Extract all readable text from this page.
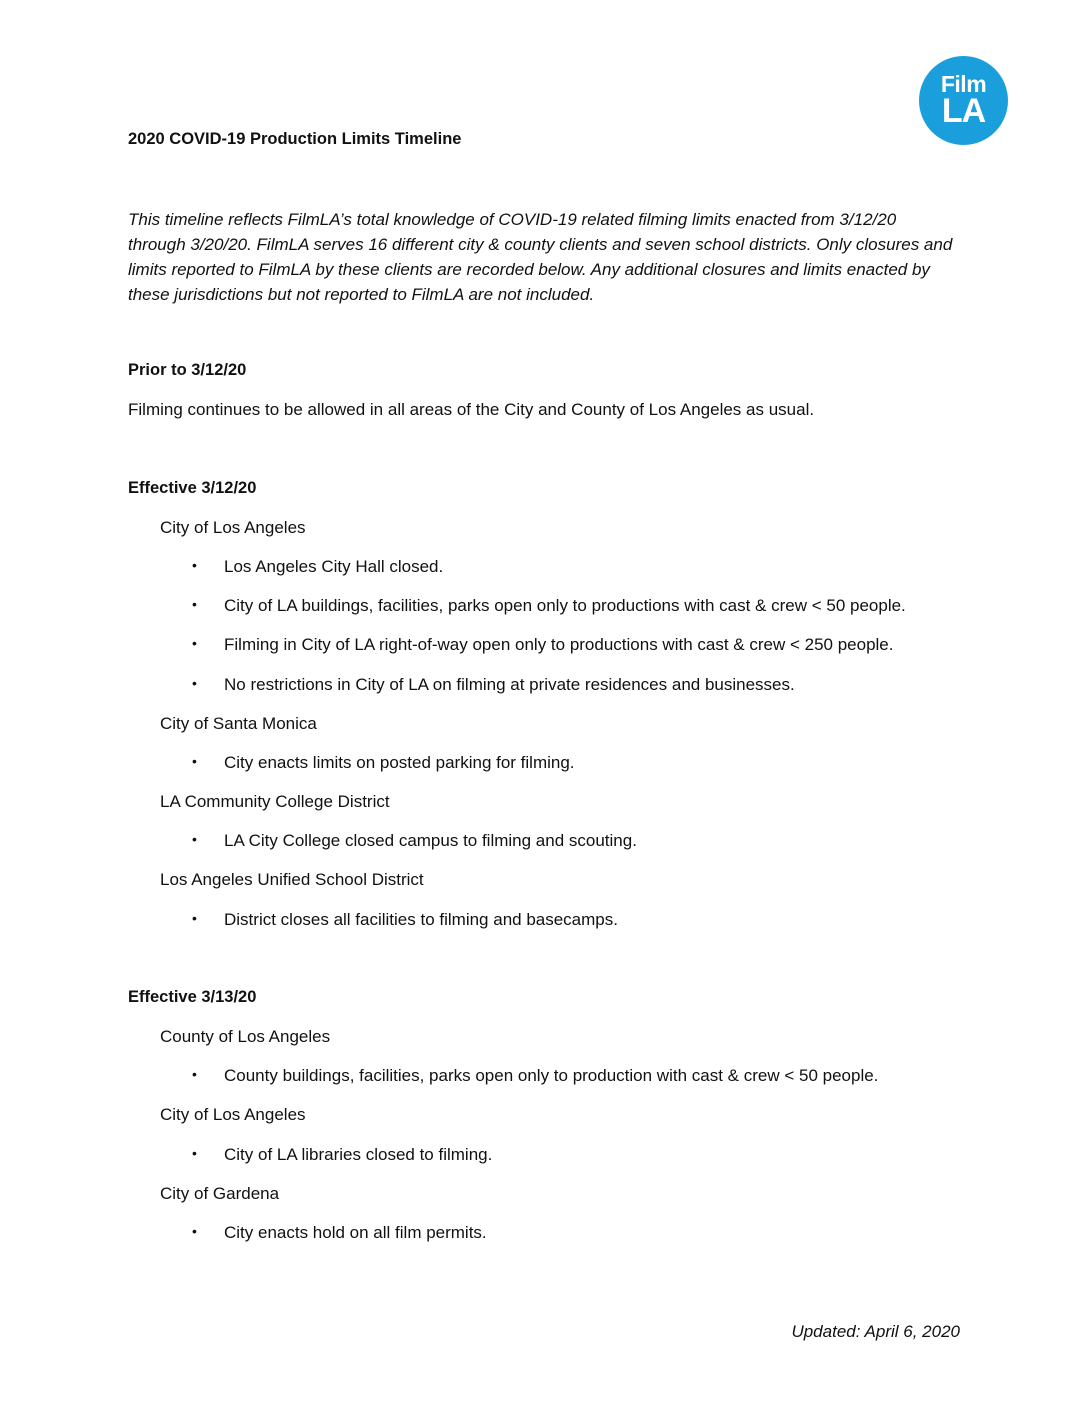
Film
LA
2020 COVID-19 Production Limits Timeline
This timeline reflects FilmLA’s total knowledge of COVID-19 related filming limits enacted from 3/12/20 through 3/20/20. FilmLA serves 16 different city & county clients and seven school districts. Only closures and limits reported to FilmLA by these clients are recorded below. Any additional closures and limits enacted by these jurisdictions but not reported to FilmLA are not included.
Prior to 3/12/20
Filming continues to be allowed in all areas of the City and County of Los Angeles as usual.
Effective 3/12/20
City of Los Angeles
• Los Angeles City Hall closed.
• City of LA buildings, facilities, parks open only to productions with cast & crew < 50 people.
• Filming in City of LA right-of-way open only to productions with cast & crew < 250 people.
• No restrictions in City of LA on filming at private residences and businesses.
City of Santa Monica
• City enacts limits on posted parking for filming.
LA Community College District
• LA City College closed campus to filming and scouting.
Los Angeles Unified School District
• District closes all facilities to filming and basecamps.
Effective 3/13/20
County of Los Angeles
• County buildings, facilities, parks open only to production with cast & crew < 50 people.
City of Los Angeles
• City of LA libraries closed to filming.
City of Gardena
• City enacts hold on all film permits.
Updated: April 6, 2020
